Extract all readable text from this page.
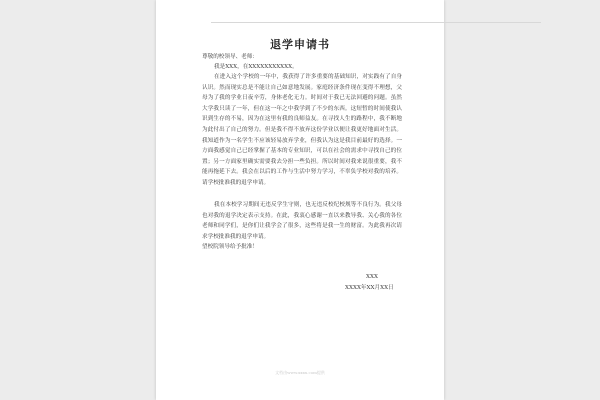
退学申请书

尊敬的校领导、老师：

我是XXX，在XXXXXXXXXXX。

在进入这个学校的一年中，我获得了许多重要的基础知识，对实践有了自身认识。然而现实总是不能让自己如意地发展。家庭经济条件现在变得不理想，父母为了我的学业日夜辛劳，身体老化无力。时间对于我已无法回避的问题。虽然大学我只读了一年，但在这一年之中我学到了不少的东西。这短暂的时间使我认识到生存的不易，因为在这里有我的良师益友。在寻找人生的路程中，我不断地为此付出了自己的努力。但是我不得不放弃这份学业以便让我更好地面对生活。我知道作为一名学生不应该轻易放弃学业，但我认为这是我目前最好的选择。一方面我感觉自己已经掌握了基本的专业知识，可以在社会的需求中寻找自己的位置；另一方面家里确实需要我去分担一些负担。所以时间对我来说很重要，我不能再拖延下去。我会在以后的工作与生活中努力学习，不辜负学校对我的培养。请学校批准我的退学申请。

我在本校学习期间无违反学生守则，也无违反校纪校规等不良行为。我父母也对我的退学决定表示支持。在此，我衷心感谢一直以来教导我、关心我的各位老师和同学们，是你们让我学会了很多，这些将是我一生的财富。为此我再次请求学校批准我的退学申请。

望校院领导给予批准！

XXX

XXXX年XX月XX日

文档由www.xxxx.com提供
